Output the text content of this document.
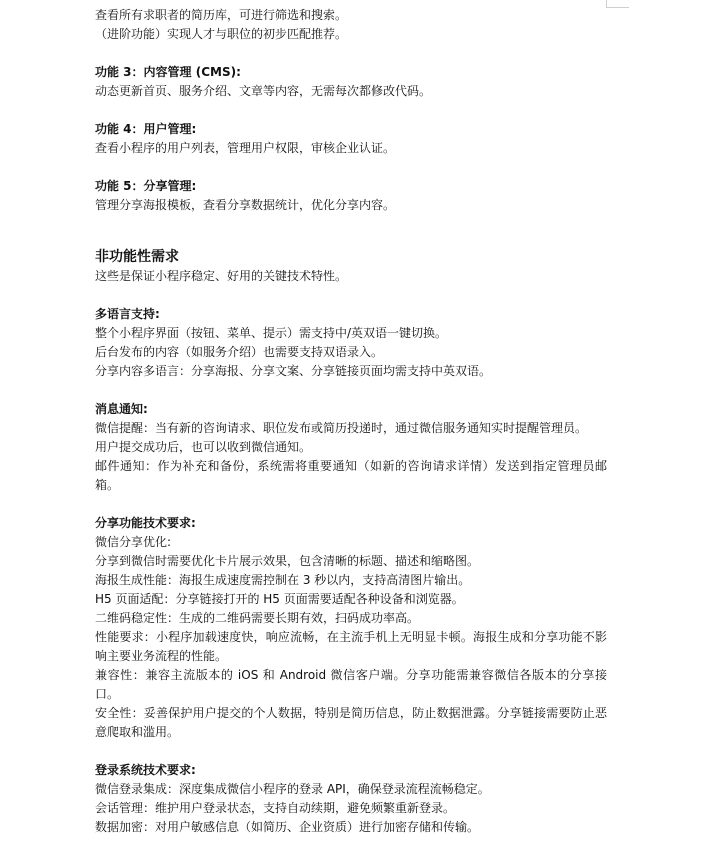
查看所有求职者的简历库，可进行筛选和搜索。
（进阶功能）实现人才与职位的初步匹配推荐。
功能 3：内容管理 (CMS):
动态更新首页、服务介绍、文章等内容，无需每次都修改代码。
功能 4：用户管理:
查看小程序的用户列表，管理用户权限，审核企业认证。
功能 5：分享管理:
管理分享海报模板，查看分享数据统计，优化分享内容。
非功能性需求
这些是保证小程序稳定、好用的关键技术特性。
多语言支持:
整个小程序界面（按钮、菜单、提示）需支持中/英双语一键切换。
后台发布的内容（如服务介绍）也需要支持双语录入。
分享内容多语言：分享海报、分享文案、分享链接页面均需支持中英双语。
消息通知:
微信提醒：当有新的咨询请求、职位发布或简历投递时，通过微信服务通知实时提醒管理员。
用户提交成功后，也可以收到微信通知。
邮件通知：作为补充和备份，系统需将重要通知（如新的咨询请求详情）发送到指定管理员邮箱。
分享功能技术要求:
微信分享优化:
分享到微信时需要优化卡片展示效果，包含清晰的标题、描述和缩略图。
海报生成性能：海报生成速度需控制在 3 秒以内，支持高清图片输出。
H5 页面适配：分享链接打开的 H5 页面需要适配各种设备和浏览器。
二维码稳定性：生成的二维码需要长期有效，扫码成功率高。
性能要求：小程序加载速度快，响应流畅，在主流手机上无明显卡顿。海报生成和分享功能不影响主要业务流程的性能。
兼容性：兼容主流版本的 iOS 和 Android 微信客户端。分享功能需兼容微信各版本的分享接口。
安全性：妥善保护用户提交的个人数据，特别是简历信息，防止数据泄露。分享链接需要防止恶意爬取和滥用。
登录系统技术要求:
微信登录集成：深度集成微信小程序的登录 API，确保登录流程流畅稳定。
会话管理：维护用户登录状态，支持自动续期，避免频繁重新登录。
数据加密：对用户敏感信息（如简历、企业资质）进行加密存储和传输。
